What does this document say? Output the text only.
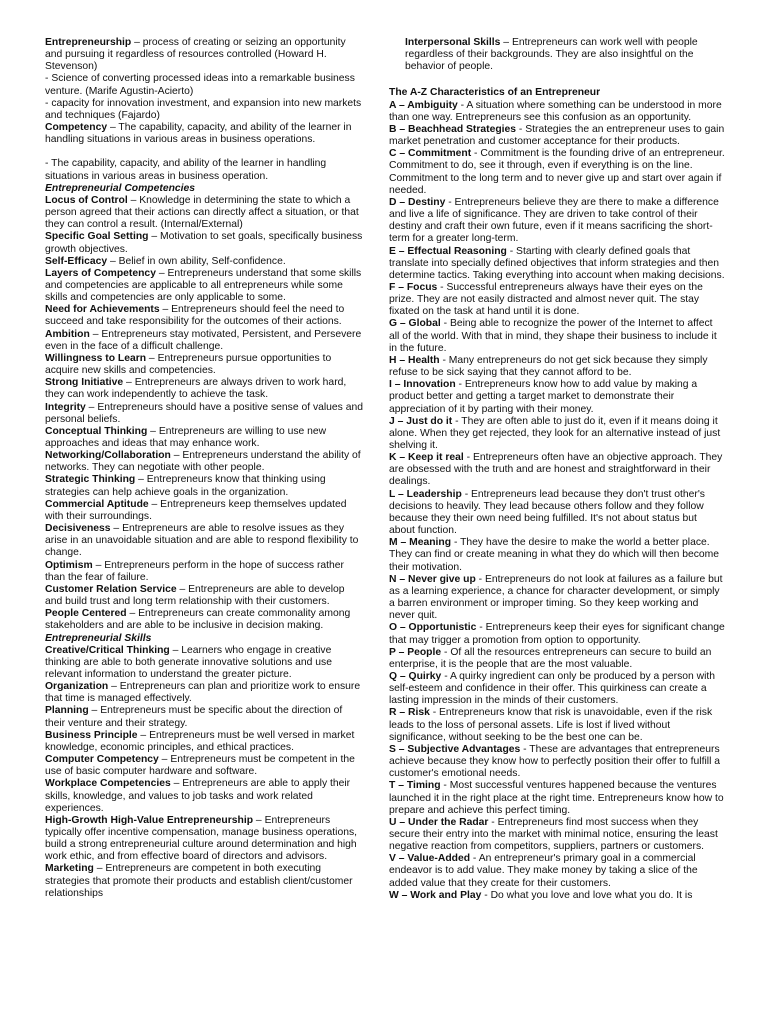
Entrepreneurship – process of creating or seizing an opportunity and pursuing it regardless of resources controlled (Howard H. Stevenson)

- Science of converting processed ideas into a remarkable business venture. (Marife Agustin-Acierto)

- capacity for innovation investment, and expansion into new markets and techniques (Fajardo)

Competency – The capability, capacity, and ability of the learner in handling situations in various areas in business operations.

- The capability, capacity, and ability of the learner in handling situations in various areas in business operation.

Entrepreneurial Competencies

Locus of Control – Knowledge in determining the state to which a person agreed that their actions can directly affect a situation, or that they can control a result. (Internal/External)

Specific Goal Setting – Motivation to set goals, specifically business growth objectives.

Self-Efficacy – Belief in own ability, Self-confidence.

Layers of Competency – Entrepreneurs understand that some skills and competencies are applicable to all entrepreneurs while some skills and competencies are only applicable to some.

Need for Achievements – Entrepreneurs should feel the need to succeed and take responsibility for the outcomes of their actions.

Ambition – Entrepreneurs stay motivated, Persistent, and Persevere even in the face of a difficult challenge.

Willingness to Learn – Entrepreneurs pursue opportunities to acquire new skills and competencies.

Strong Initiative – Entrepreneurs are always driven to work hard, they can work independently to achieve the task.

Integrity – Entrepreneurs should have a positive sense of values and personal beliefs.

Conceptual Thinking – Entrepreneurs are willing to use new approaches and ideas that may enhance work.

Networking/Collaboration – Entrepreneurs understand the ability of networks. They can negotiate with other people.

Strategic Thinking – Entrepreneurs know that thinking using strategies can help achieve goals in the organization.

Commercial Aptitude – Entrepreneurs keep themselves updated with their surroundings.

Decisiveness – Entrepreneurs are able to resolve issues as they arise in an unavoidable situation and are able to respond flexibility to change.

Optimism – Entrepreneurs perform in the hope of success rather than the fear of failure.

Customer Relation Service – Entrepreneurs are able to develop and build trust and long term relationship with their customers.

People Centered – Entrepreneurs can create commonality among stakeholders and are able to be inclusive in decision making.

Entrepreneurial Skills

Creative/Critical Thinking – Learners who engage in creative thinking are able to both generate innovative solutions and use relevant information to understand the greater picture.

Organization – Entrepreneurs can plan and prioritize work to ensure that time is managed effectively.

Planning – Entrepreneurs must be specific about the direction of their venture and their strategy.

Business Principle – Entrepreneurs must be well versed in market knowledge, economic principles, and ethical practices.

Computer Competency – Entrepreneurs must be competent in the use of basic computer hardware and software.

Workplace Competencies – Entrepreneurs are able to apply their skills, knowledge, and values to job tasks and work related experiences.

High-Growth High-Value Entrepreneurship – Entrepreneurs typically offer incentive compensation, manage business operations, build a strong entrepreneurial culture around determination and high work ethic, and from effective board of directors and advisors.

Marketing – Entrepreneurs are competent in both executing strategies that promote their products and establish client/customer relationships

Interpersonal Skills – Entrepreneurs can work well with people regardless of their backgrounds. They are also insightful on the behavior of people.

The A-Z Characteristics of an Entrepreneur

A – Ambiguity - A situation where something can be understood in more than one way. Entrepreneurs see this confusion as an opportunity.

B – Beachhead Strategies - Strategies the an entrepreneur uses to gain market penetration and customer acceptance for their products.

C – Commitment - Commitment is the founding drive of an entrepreneur. Commitment to do, see it through, even if everything is on the line. Commitment to the long term and to never give up and start over again if needed.

D – Destiny - Entrepreneurs believe they are there to make a difference and live a life of significance. They are driven to take control of their destiny and craft their own future, even if it means sacrificing the short-term for a greater long-term.

E – Effectual Reasoning - Starting with clearly defined goals that translate into specially defined objectives that inform strategies and then determine tactics. Taking everything into account when making decisions.

F – Focus - Successful entrepreneurs always have their eyes on the prize. They are not easily distracted and almost never quit. The stay fixated on the task at hand until it is done.

G – Global - Being able to recognize the power of the Internet to affect all of the world. With that in mind, they shape their business to include it in the future.

H – Health - Many entrepreneurs do not get sick because they simply refuse to be sick saying that they cannot afford to be.

I – Innovation - Entrepreneurs know how to add value by making a product better and getting a target market to demonstrate their appreciation of it by parting with their money.

J – Just do it - They are often able to just do it, even if it means doing it alone. When they get rejected, they look for an alternative instead of just shelving it.

K – Keep it real - Entrepreneurs often have an objective approach. They are obsessed with the truth and are honest and straightforward in their dealings.

L – Leadership - Entrepreneurs lead because they don't trust other's decisions to heavily. They lead because others follow and they follow because they their own need being fulfilled. It's not about status but about function.

M – Meaning - They have the desire to make the world a better place. They can find or create meaning in what they do which will then become their motivation.

N – Never give up - Entrepreneurs do not look at failures as a failure but as a learning experience, a chance for character development, or simply a barren environment or improper timing. So they keep working and never quit.

O – Opportunistic - Entrepreneurs keep their eyes for significant change that may trigger a promotion from option to opportunity.

P – People - Of all the resources entrepreneurs can secure to build an enterprise, it is the people that are the most valuable.

Q – Quirky - A quirky ingredient can only be produced by a person with self-esteem and confidence in their offer. This quirkiness can create a lasting impression in the minds of their customers.

R – Risk - Entrepreneurs know that risk is unavoidable, even if the risk leads to the loss of personal assets. Life is lost if lived without significance, without seeking to be the best one can be.

S – Subjective Advantages - These are advantages that entrepreneurs achieve because they know how to perfectly position their offer to fulfill a customer's emotional needs.

T – Timing - Most successful ventures happened because the ventures launched it in the right place at the right time. Entrepreneurs know how to prepare and achieve this perfect timing.

U – Under the Radar - Entrepreneurs find most success when they secure their entry into the market with minimal notice, ensuring the least negative reaction from competitors, suppliers, partners or customers.

V – Value-Added - An entrepreneur's primary goal in a commercial endeavor is to add value. They make money by taking a slice of the added value that they create for their customers.

W – Work and Play - Do what you love and love what you do. It is
